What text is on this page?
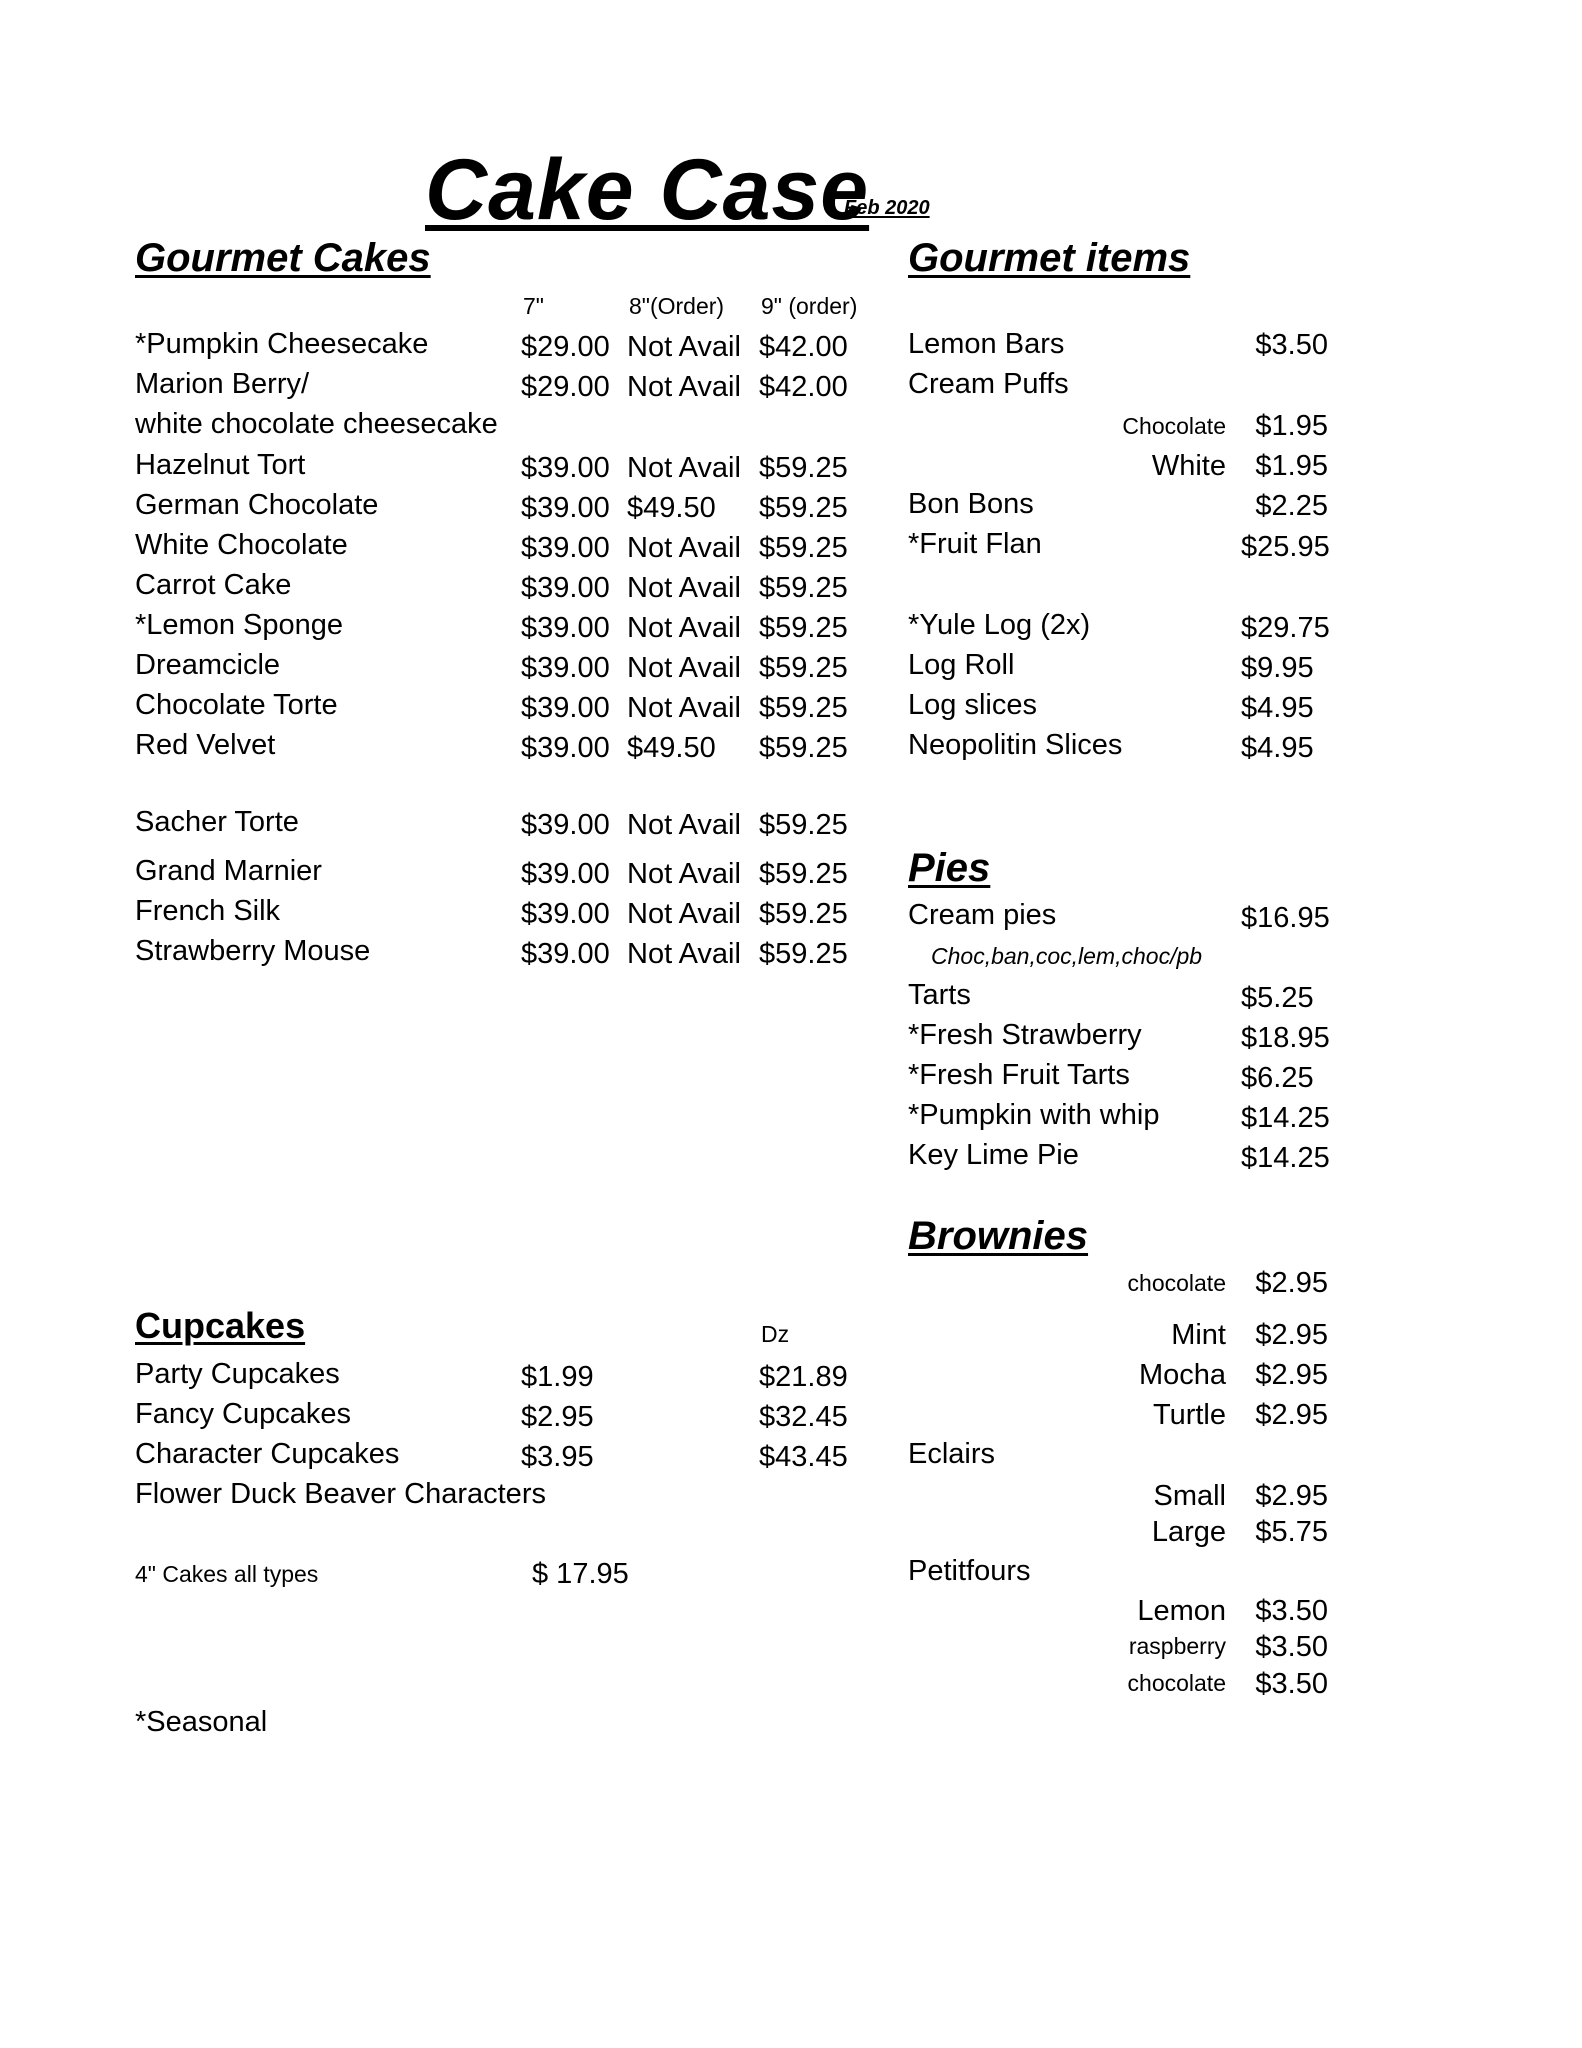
Cake Case
Feb 2020
Gourmet Cakes
7"	8"(Order) 9" (order)
*Pumpkin Cheesecake	$29.00 Not Avail $42.00
Marion Berry/	$29.00 Not Avail $42.00
white chocolate cheesecake
Hazelnut Tort	$39.00 Not Avail $59.25
German Chocolate	$39.00 $49.50 $59.25
White Chocolate	$39.00 Not Avail $59.25
Carrot Cake	$39.00 Not Avail $59.25
*Lemon Sponge	$39.00 Not Avail $59.25
Dreamcicle	$39.00 Not Avail $59.25
Chocolate Torte	$39.00 Not Avail $59.25
Red Velvet	$39.00 $49.50 $59.25
Sacher Torte	$39.00 Not Avail $59.25
Grand Marnier	$39.00 Not Avail $59.25
French Silk	$39.00 Not Avail $59.25
Strawberry Mouse	$39.00 Not Avail $59.25
Cupcakes	Dz
Party Cupcakes	$1.99	$21.89
Fancy Cupcakes	$2.95	$32.45
Character Cupcakes	$3.95	$43.45
Flower Duck Beaver Characters
4" Cakes all types	$ 17.95
*Seasonal
Gourmet items
Lemon Bars	$3.50
Cream Puffs
Chocolate	$1.95
White	$1.95
Bon Bons	$2.25
*Fruit Flan	$25.95
*Yule Log (2x)	$29.75
Log Roll	$9.95
Log slices	$4.95
Neopolitin Slices	$4.95
Pies
Cream pies	$16.95
Choc,ban,coc,lem,choc/pb
Tarts	$5.25
*Fresh Strawberry	$18.95
*Fresh Fruit Tarts	$6.25
*Pumpkin with whip	$14.25
Key Lime Pie	$14.25
Brownies
chocolate	$2.95
Mint	$2.95
Mocha	$2.95
Turtle	$2.95
Eclairs
Small	$2.95
Large	$5.75
Petitfours
Lemon	$3.50
raspberry	$3.50
chocolate	$3.50
